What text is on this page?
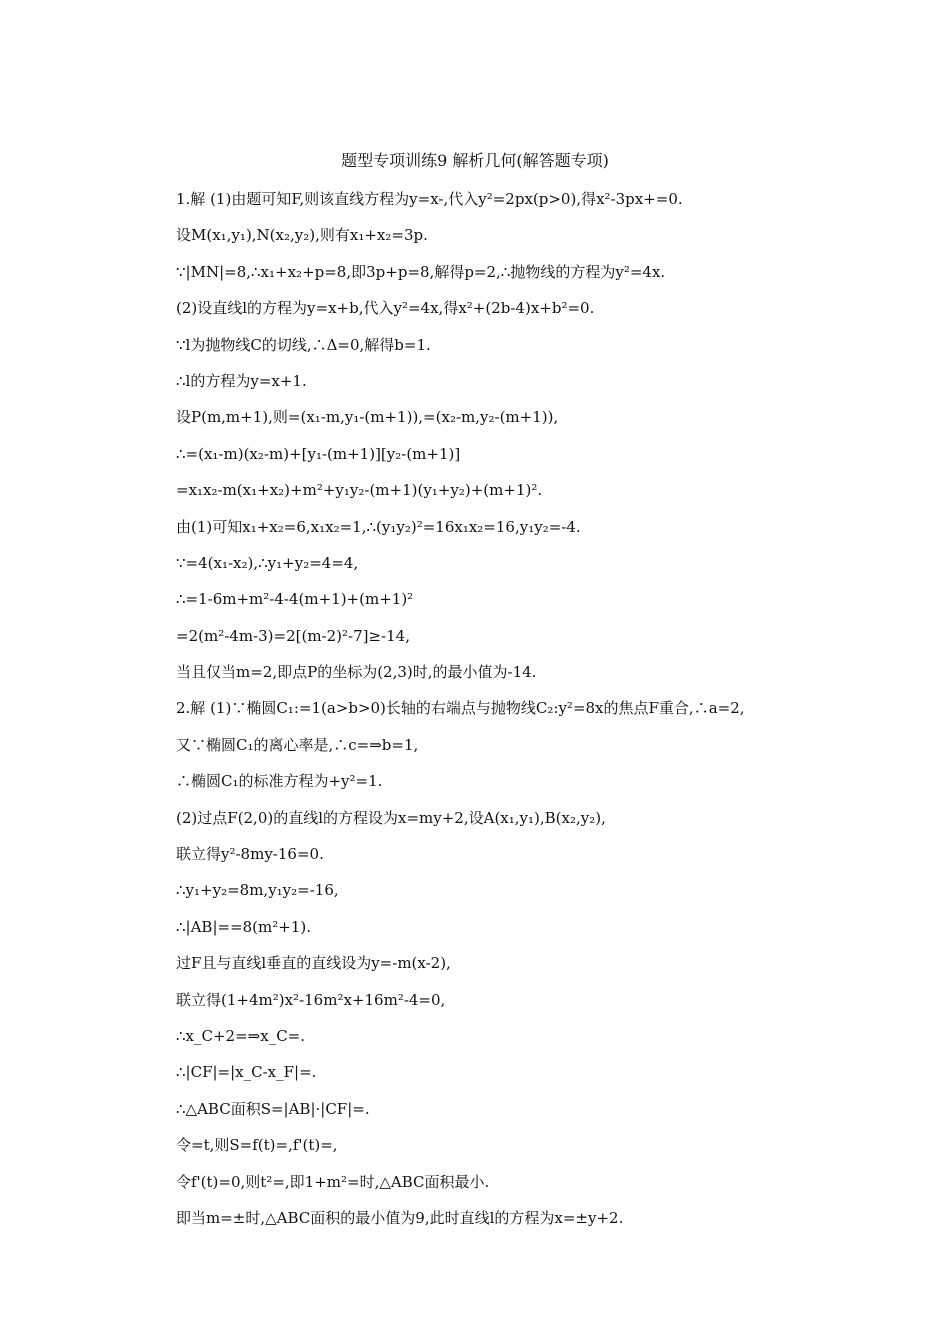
题型专项训练9 解析几何(解答题专项)
1.解 (1)由题可知F,则该直线方程为y=x-,代入y²=2px(p>0),得x²-3px+=0.
设M(x₁,y₁),N(x₂,y₂),则有x₁+x₂=3p.
∵|MN|=8,∴x₁+x₂+p=8,即3p+p=8,解得p=2,∴抛物线的方程为y²=4x.
(2)设直线l的方程为y=x+b,代入y²=4x,得x²+(2b-4)x+b²=0.
∵l为抛物线C的切线,∴Δ=0,解得b=1.
∴l的方程为y=x+1.
设P(m,m+1),则=(x₁-m,y₁-(m+1)),=(x₂-m,y₂-(m+1)),
∴=(x₁-m)(x₂-m)+[y₁-(m+1)][y₂-(m+1)]
=x₁x₂-m(x₁+x₂)+m²+y₁y₂-(m+1)(y₁+y₂)+(m+1)².
由(1)可知x₁+x₂=6,x₁x₂=1,∴(y₁y₂)²=16x₁x₂=16,y₁y₂=-4.
∵=4(x₁-x₂),∴y₁+y₂=4=4,
∴=1-6m+m²-4-4(m+1)+(m+1)²
=2(m²-4m-3)=2[(m-2)²-7]≥-14,
当且仅当m=2,即点P的坐标为(2,3)时,的最小值为-14.
2.解 (1)∵椭圆C₁:=1(a>b>0)长轴的右端点与抛物线C₂:y²=8x的焦点F重合,∴a=2,
又∵椭圆C₁的离心率是,∴c=⇒b=1,
∴椭圆C₁的标准方程为+y²=1.
(2)过点F(2,0)的直线l的方程设为x=my+2,设A(x₁,y₁),B(x₂,y₂),
联立得y²-8my-16=0.
∴y₁+y₂=8m,y₁y₂=-16,
∴|AB|==8(m²+1).
过F且与直线l垂直的直线设为y=-m(x-2),
联立得(1+4m²)x²-16m²x+16m²-4=0,
∴x_C+2=⇒x_C=.
∴|CF|=|x_C-x_F|=.
∴△ABC面积S=|AB|·|CF|=.
令=t,则S=f(t)=,f'(t)=,
令f'(t)=0,则t²=,即1+m²=时,△ABC面积最小.
即当m=±时,△ABC面积的最小值为9,此时直线l的方程为x=±y+2.
